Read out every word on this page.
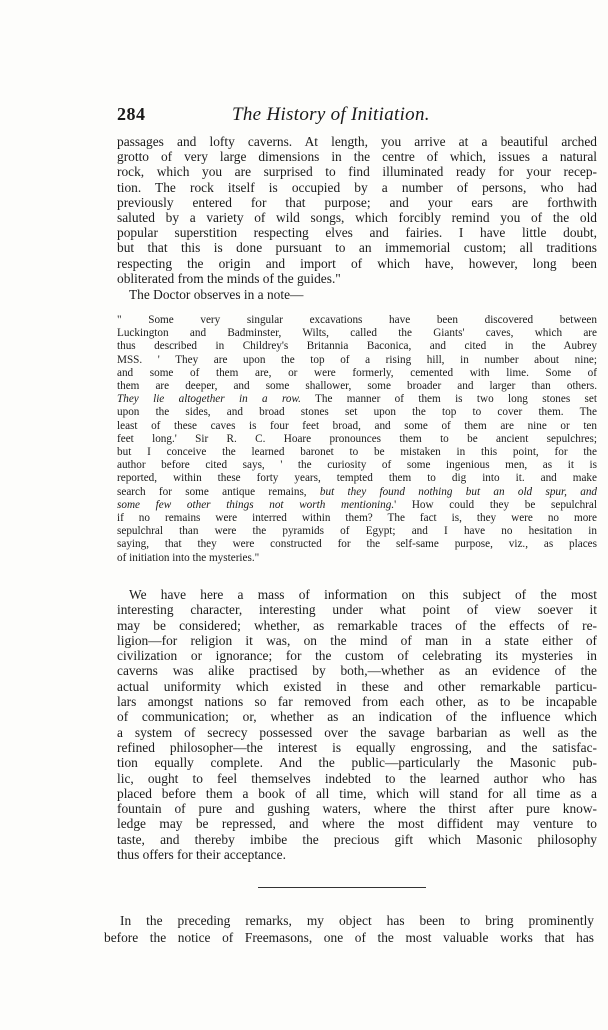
284	The History of Initiation.
passages and lofty caverns. At length, you arrive at a beautiful arched
grotto of very large dimensions in the centre of which, issues a natural
rock, which you are surprised to find illuminated ready for your recep-
tion. The rock itself is occupied by a number of persons, who had
previously entered for that purpose; and your ears are forthwith
saluted by a variety of wild songs, which forcibly remind you of the old
popular superstition respecting elves and fairies. I have little doubt,
but that this is done pursuant to an immemorial custom; all traditions
respecting the origin and import of which have, however, long been
obliterated from the minds of the guides."
The Doctor observes in a note—
" Some very singular excavations have been discovered between
Luckington and Badminster, Wilts, called the Giants' caves, which are
thus described in Childrey's Britannia Baconica, and cited in the Aubrey
MSS. ' They are upon the top of a rising hill, in number about nine;
and some of them are, or were formerly, cemented with lime. Some of
them are deeper, and some shallower, some broader and larger than others.
They lie altogether in a row. The manner of them is two long stones set
upon the sides, and broad stones set upon the top to cover them. The
least of these caves is four feet broad, and some of them are nine or ten
feet long.' Sir R. C. Hoare pronounces them to be ancient sepulchres;
but I conceive the learned baronet to be mistaken in this point, for the
author before cited says, ' the curiosity of some ingenious men, as it is
reported, within these forty years, tempted them to dig into it. and make
search for some antique remains, but they found nothing but an old spur, and
some few other things not worth mentioning.' How could they be sepulchral
if no remains were interred within them? The fact is, they were no more
sepulchral than were the pyramids of Egypt; and I have no hesitation in
saying, that they were constructed for the self-same purpose, viz., as places
of initiation into the mysteries."
We have here a mass of information on this subject of the most
interesting character, interesting under what point of view soever it
may be considered; whether, as remarkable traces of the effects of re-
ligion—for religion it was, on the mind of man in a state either of
civilization or ignorance; for the custom of celebrating its mysteries in
caverns was alike practised by both,—whether as an evidence of the
actual uniformity which existed in these and other remarkable particu-
lars amongst nations so far removed from each other, as to be incapable
of communication; or, whether as an indication of the influence which
a system of secrecy possessed over the savage barbarian as well as the
refined philosopher—the interest is equally engrossing, and the satisfac-
tion equally complete. And the public—particularly the Masonic pub-
lic, ought to feel themselves indebted to the learned author who has
placed before them a book of all time, which will stand for all time as a
fountain of pure and gushing waters, where the thirst after pure know-
ledge may be repressed, and where the most diffident may venture to
taste, and thereby imbibe the precious gift which Masonic philosophy
thus offers for their acceptance.
In the preceding remarks, my object has been to bring prominently
before the notice of Freemasons, one of the most valuable works that has
